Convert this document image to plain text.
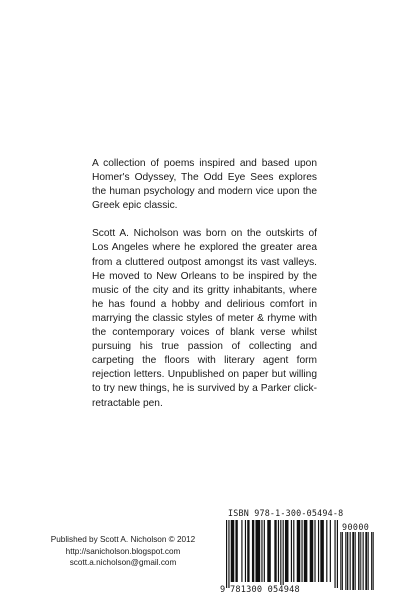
A collection of poems inspired and based upon Homer's Odyssey, The Odd Eye Sees explores the human psychology and modern vice upon the Greek epic classic.

Scott A. Nicholson was born on the outskirts of Los Angeles where he explored the greater area from a cluttered outpost amongst its vast valleys. He moved to New Orleans to be inspired by the music of the city and its gritty inhabitants, where he has found a hobby and delirious comfort in marrying the classic styles of meter & rhyme with the contemporary voices of blank verse whilst pursuing his true passion of collecting and carpeting the floors with literary agent form rejection letters. Unpublished on paper but willing to try new things, he is survived by a Parker click-retractable pen.

Published by Scott A. Nicholson © 2012
http://sanicholson.blogspot.com
scott.a.nicholson@gmail.com
ISBN 978-1-300-05494-8
90000
9 781300 054948
